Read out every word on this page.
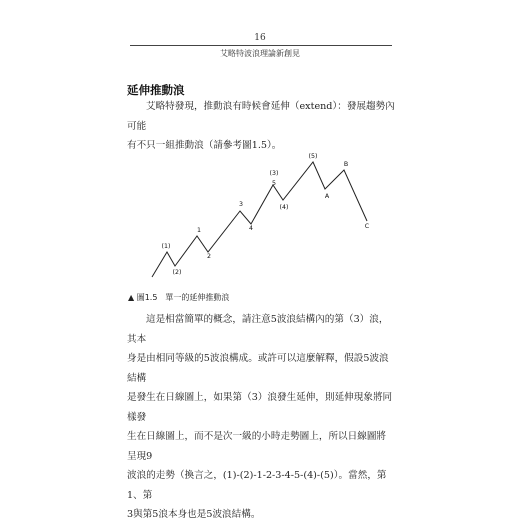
16
艾略特波浪理論新創見
延伸推動浪
艾略特發現，推動浪有時候會延伸（extend）：發展趨勢內可能
有不只一組推動浪（請參考圖1.5）。
(1)
(2)
1
2
3
4
(3)
5
(4)
(5)
A
B
C
▲ 圖1.5　單一的延伸推動浪
這是相當簡單的概念，請注意5波浪結構內的第（3）浪，其本
身是由相同等級的5波浪構成。或許可以這麼解釋，假設5波浪結構
是發生在日線圖上，如果第（3）浪發生延伸，則延伸現象將同樣發
生在日線圖上，而不是次一級的小時走勢圖上，所以日線圖將呈現9
波浪的走勢（換言之，(1)-(2)-1-2-3-4-5-(4)-(5)）。當然，第1、第
3與第5浪本身也是5波浪結構。
